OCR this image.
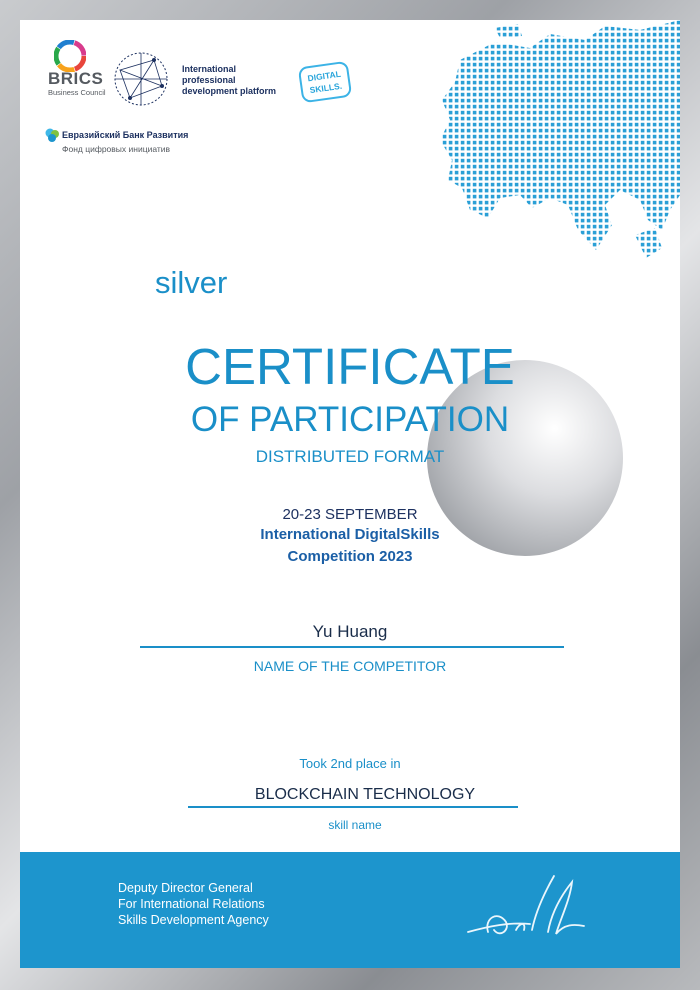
BRICS
Business Council
International
professional
development platform
DIGITAL
SKILLS.
Евразийский Банк Развития
Фонд цифровых инициатив
silver
CERTIFICATE
OF PARTICIPATION
DISTRIBUTED FORMAT
20-23 SEPTEMBER
International DigitalSkills
Competition 2023
Yu Huang
NAME OF THE COMPETITOR
Took 2nd place in
BLOCKCHAIN TECHNOLOGY
skill name
Deputy Director General
For International Relations
Skills Development Agency
